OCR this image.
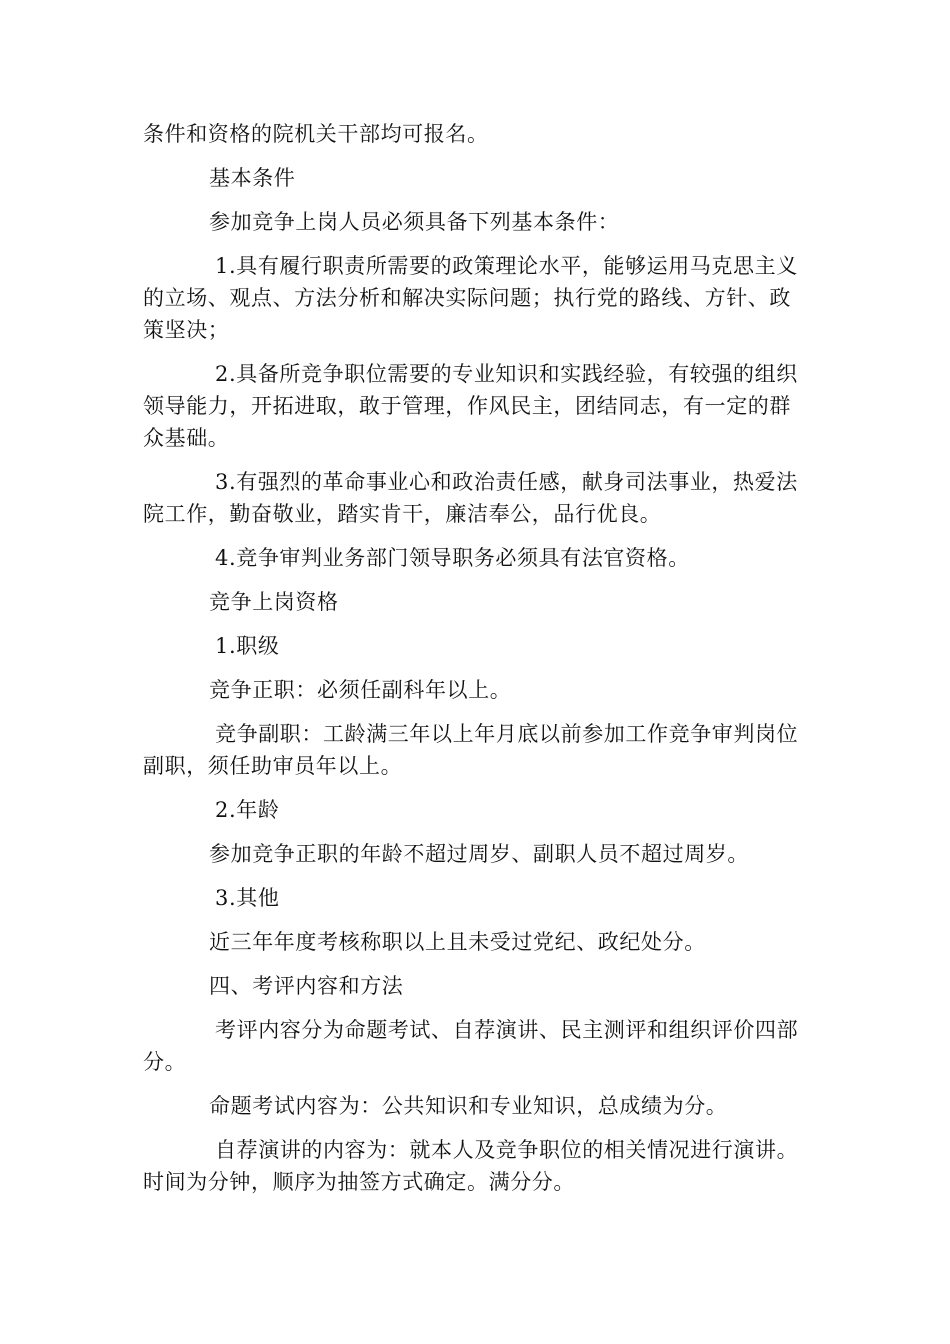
条件和资格的院机关干部均可报名。

基本条件

参加竞争上岗人员必须具备下列基本条件：

1.具有履行职责所需要的政策理论水平，能够运用马克思主义的立场、观点、方法分析和解决实际问题；执行党的路线、方针、政策坚决；

2.具备所竞争职位需要的专业知识和实践经验，有较强的组织领导能力，开拓进取，敢于管理，作风民主，团结同志，有一定的群众基础。

3.有强烈的革命事业心和政治责任感，献身司法事业，热爱法院工作，勤奋敬业，踏实肯干，廉洁奉公，品行优良。

4.竞争审判业务部门领导职务必须具有法官资格。

竞争上岗资格

1.职级

竞争正职：必须任副科年以上。

竞争副职：工龄满三年以上年月底以前参加工作竞争审判岗位副职，须任助审员年以上。

2.年龄

参加竞争正职的年龄不超过周岁、副职人员不超过周岁。

3.其他

近三年年度考核称职以上且未受过党纪、政纪处分。

四、考评内容和方法

考评内容分为命题考试、自荐演讲、民主测评和组织评价四部分。

命题考试内容为：公共知识和专业知识，总成绩为分。

自荐演讲的内容为：就本人及竞争职位的相关情况进行演讲。时间为分钟，顺序为抽签方式确定。满分分。
